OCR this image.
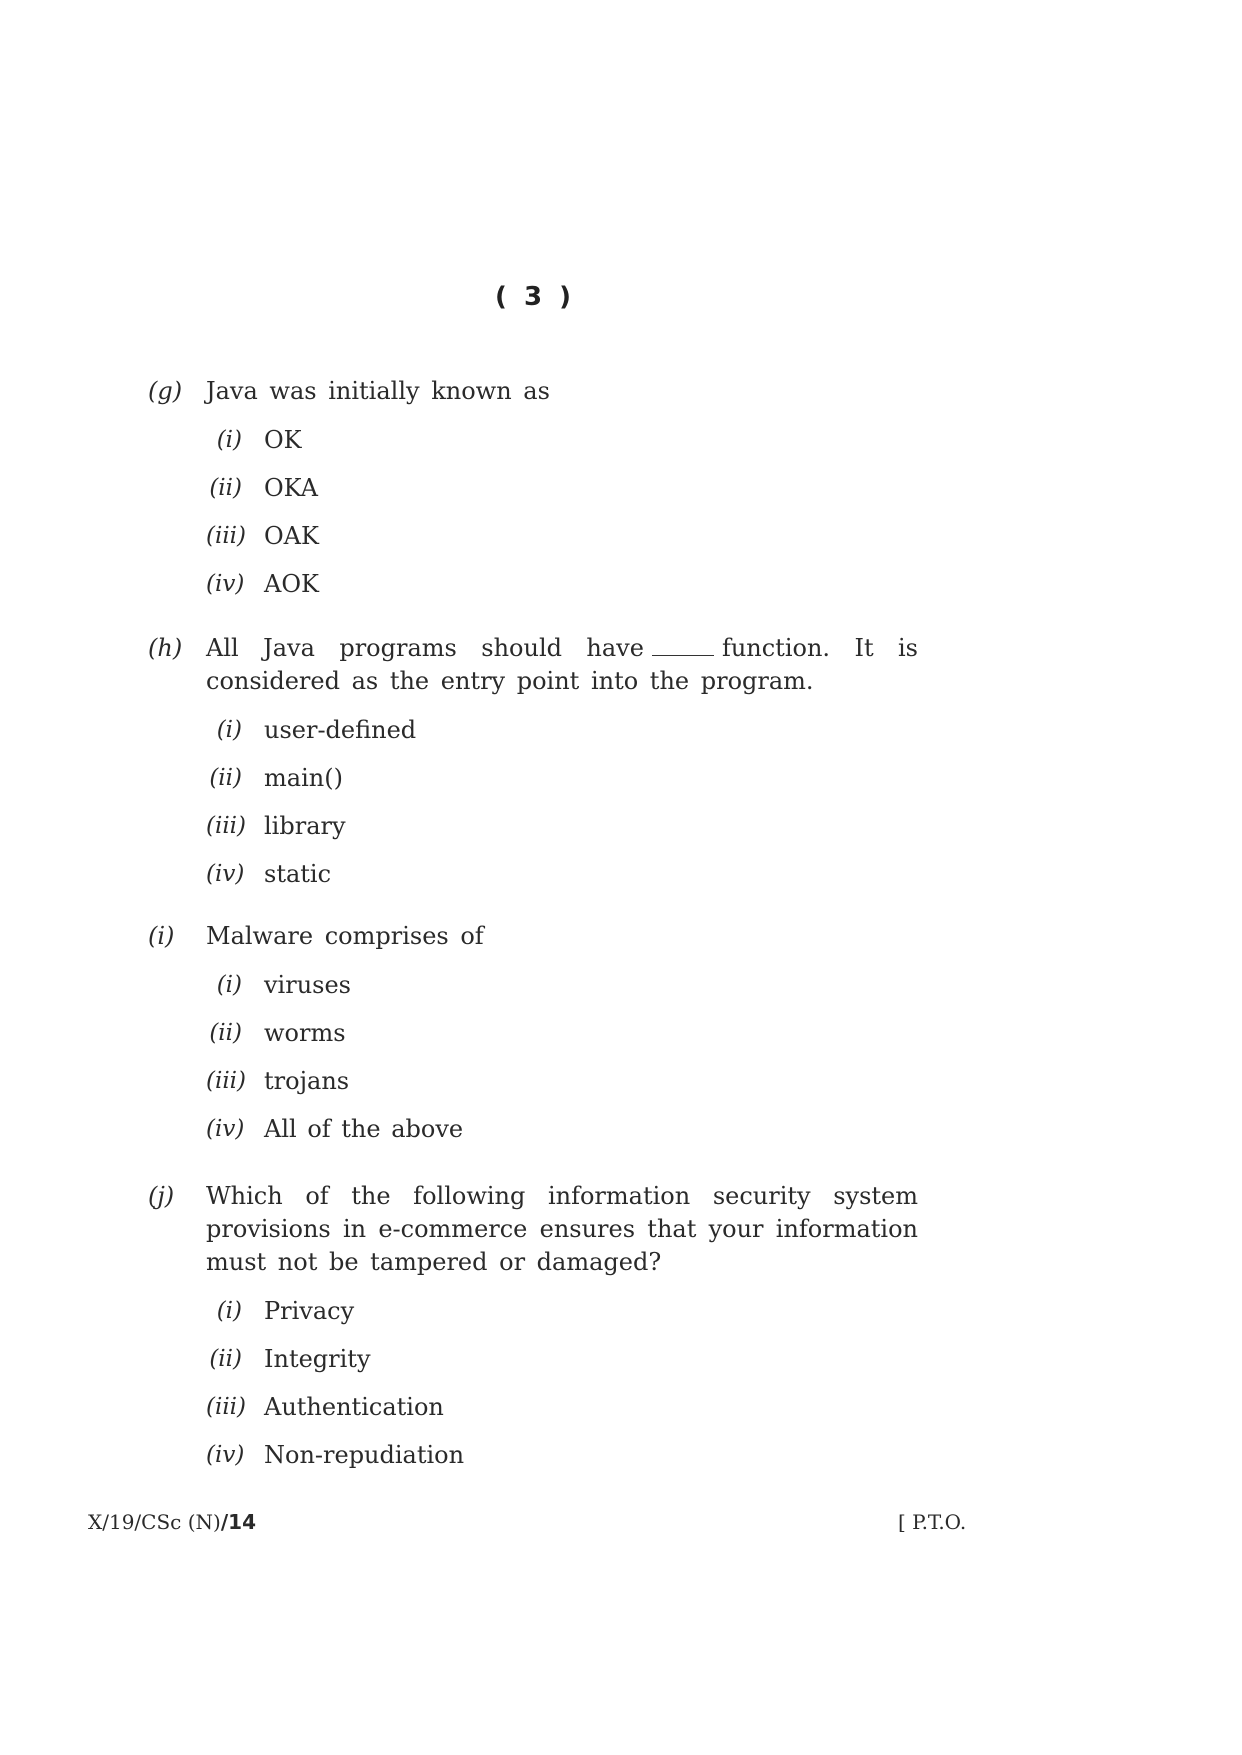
( 3 )
(g) Java was initially known as
(i) OK
(ii) OKA
(iii) OAK
(iv) AOK
(h) All Java programs should have	function. It is considered as the entry point into the program.
(i) user-defined
(ii) main()
(iii) library
(iv) static
(i) Malware comprises of
(i) viruses
(ii) worms
(iii) trojans
(iv) All of the above
(j) Which of the following information security system provisions in e-commerce ensures that your information must not be tampered or damaged?
(i) Privacy
(ii) Integrity
(iii) Authentication
(iv) Non-repudiation
X/19/CSc (N)/14	[ P.T.O.
